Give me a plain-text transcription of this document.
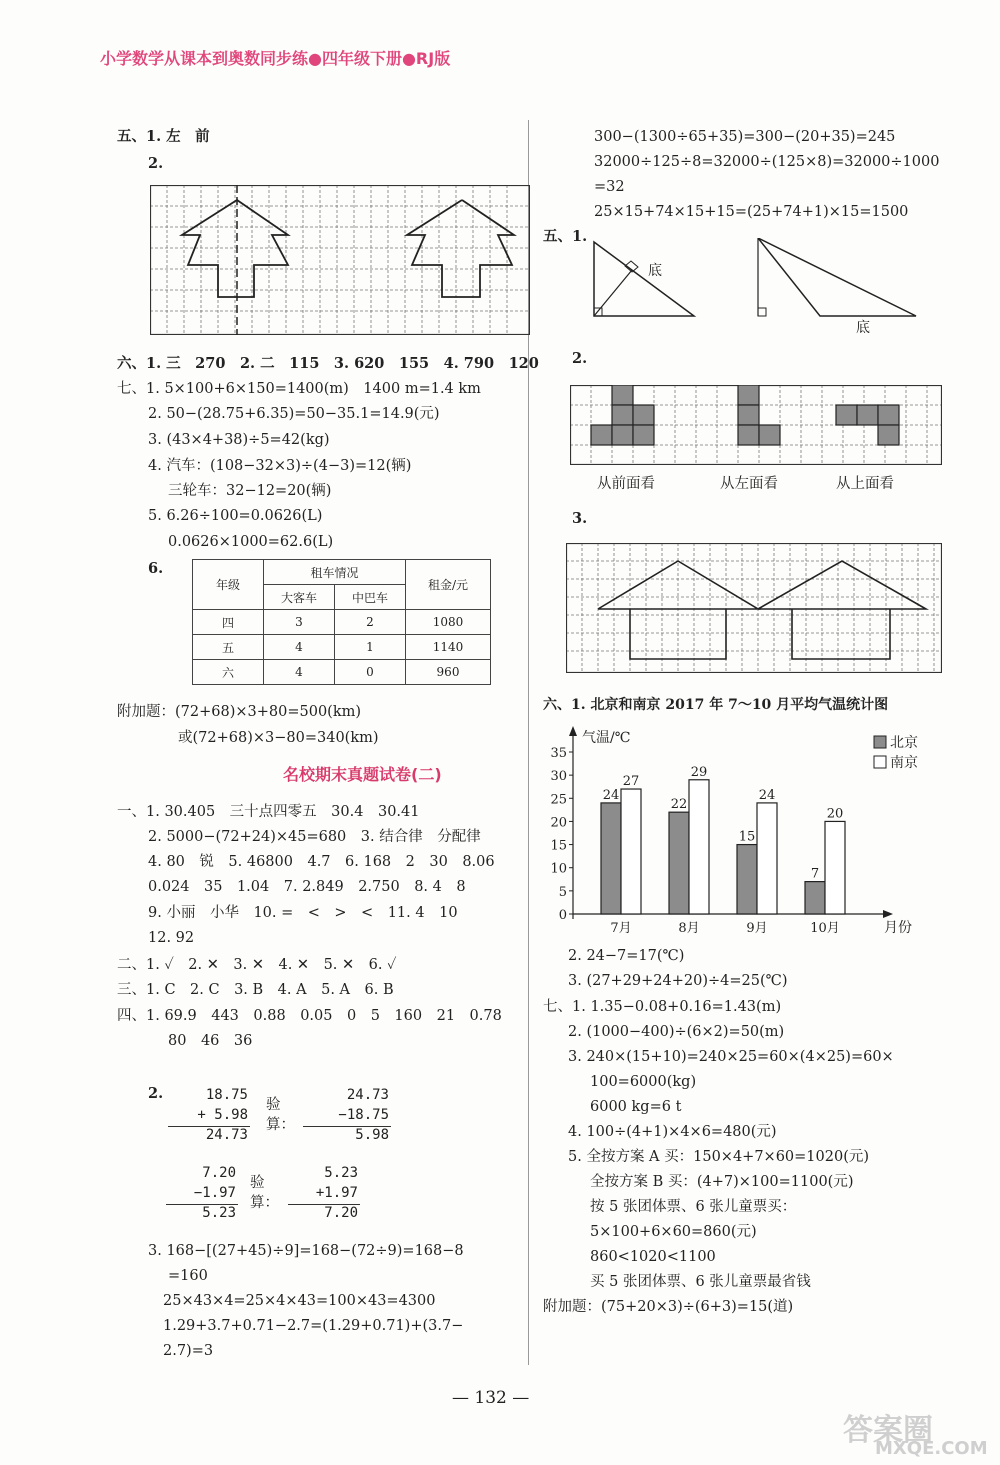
小学数学从课本到奥数同步练●四年级下册●RJ版
五、1. 左　前
2.
六、1. 三　270　2. 二　115　3. 620　155　4. 790　120
七、1. 5×100+6×150=1400(m)　1400 m=1.4 km
2. 50−(28.75+6.35)=50−35.1=14.9(元)
3. (43×4+38)÷5=42(kg)
4. 汽车：(108−32×3)÷(4−3)=12(辆)
三轮车：32−12=20(辆)
5. 6.26÷100=0.0626(L)
0.0626×1000=62.6(L)
6.
年级	租车情况		租金/元
	大客车	中巴车	
四	3	2	1080
五	4	1	1140
六	4	0	960
附加题：(72+68)×3+80=500(km)
或(72+68)×3−80=340(km)
名校期末真题试卷(二)
一、1. 30.405　三十点四零五　30.4　30.41
2. 5000−(72+24)×45=680　3. 结合律　分配律
4. 80　锐　5. 46800　4.7　6. 168　2　30　8.06
0.024　35　1.04　7. 2.849　2.750　8. 4　8
9. 小丽　小华　10. =　<　>　<　11. 4　10
12. 92
二、1. ✓　2. ✕　3. ✕　4. ✕　5. ✕　6. ✓
三、1. C　2. C　3. B　4. A　5. A　6. B
四、1. 69.9　443　0.88　0.05　0　5　160　21　0.78
80　46　36
2.	18.75
+ 5.98
24.73
验
算：
24.73
−18.75
5.98
7.20
−1.97
5.23
验
算：
5.23
+1.97
7.20
3. 168−[(27+45)÷9]=168−(72÷9)=168−8
=160
25×43×4=25×4×43=100×43=4300
1.29+3.7+0.71−2.7=(1.29+0.71)+(3.7−
2.7)=3
300−(1300÷65+35)=300−(20+35)=245
32000÷125÷8=32000÷(125×8)=32000÷1000
=32
25×15+74×15+15=(25+74+1)×15=1500
五、1.
底
底
2.
从前面看	从左面看	从上面看
3.
六、1. 北京和南京 2017 年 7～10 月平均气温统计图
0
5
10
15
20
25
30
35
24
27
22
29
15
24
7
20
7月	8月	9月	10月
气温/℃
月份
北京
南京
2. 24−7=17(℃)
3. (27+29+24+20)÷4=25(℃)
七、1. 1.35−0.08+0.16=1.43(m)
2. (1000−400)÷(6×2)=50(m)
3. 240×(15+10)=240×25=60×(4×25)=60×
100=6000(kg)
6000 kg=6 t
4. 100÷(4+1)×4×6=480(元)
5. 全按方案 A 买：150×4+7×60=1020(元)
全按方案 B 买：(4+7)×100=1100(元)
按 5 张团体票、6 张儿童票买：
5×100+6×60=860(元)
860<1020<1100
买 5 张团体票、6 张儿童票最省钱
附加题：(75+20×3)÷(6+3)=15(道)
— 132 —
答案圈
MXQE.COM
